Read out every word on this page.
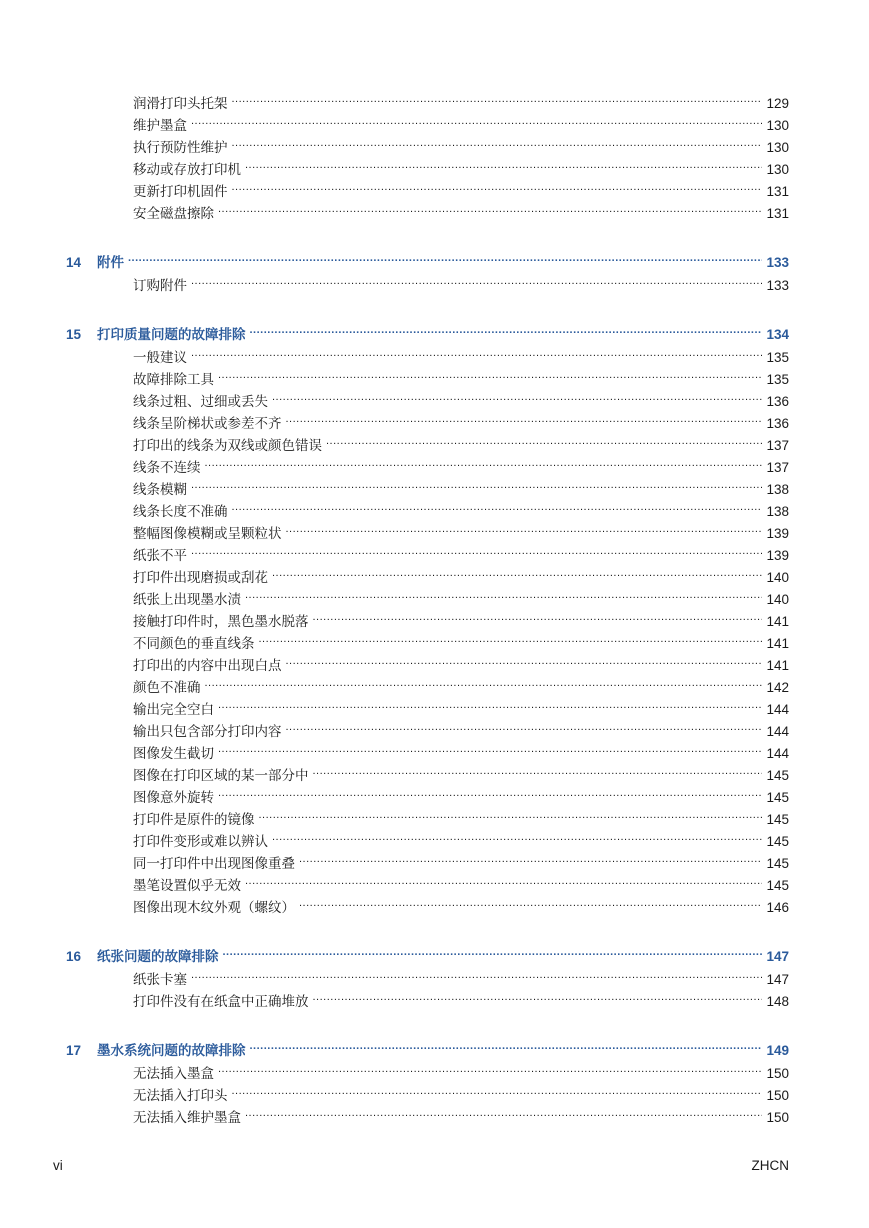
润滑打印头托架 .....	129
维护墨盒 .....	130
执行预防性维护 .....	130
移动或存放打印机 .....	130
更新打印机固件 .....	131
安全磁盘擦除 .....	131
14	附件 .....	133
订购附件 .....	133
15	打印质量问题的故障排除 .....	134
一般建议 .....	135
故障排除工具 .....	135
线条过粗、过细或丢失 .....	136
线条呈阶梯状或参差不齐 .....	136
打印出的线条为双线或颜色错误 .....	137
线条不连续 .....	137
线条模糊 .....	138
线条长度不准确 .....	138
整幅图像模糊或呈颗粒状 .....	139
纸张不平 .....	139
打印件出现磨损或刮花 .....	140
纸张上出现墨水渍 .....	140
接触打印件时，黑色墨水脱落 .....	141
不同颜色的垂直线条 .....	141
打印出的内容中出现白点 .....	141
颜色不准确 .....	142
输出完全空白 .....	144
输出只包含部分打印内容 .....	144
图像发生截切 .....	144
图像在打印区域的某一部分中 .....	145
图像意外旋转 .....	145
打印件是原件的镜像 .....	145
打印件变形或难以辨认 .....	145
同一打印件中出现图像重叠 .....	145
墨笔设置似乎无效 .....	145
图像出现木纹外观（螺纹） .....	146
16	纸张问题的故障排除 .....	147
纸张卡塞 .....	147
打印件没有在纸盒中正确堆放 .....	148
17	墨水系统问题的故障排除 .....	149
无法插入墨盒 .....	150
无法插入打印头 .....	150
无法插入维护墨盒 .....	150
vi	ZHCN
